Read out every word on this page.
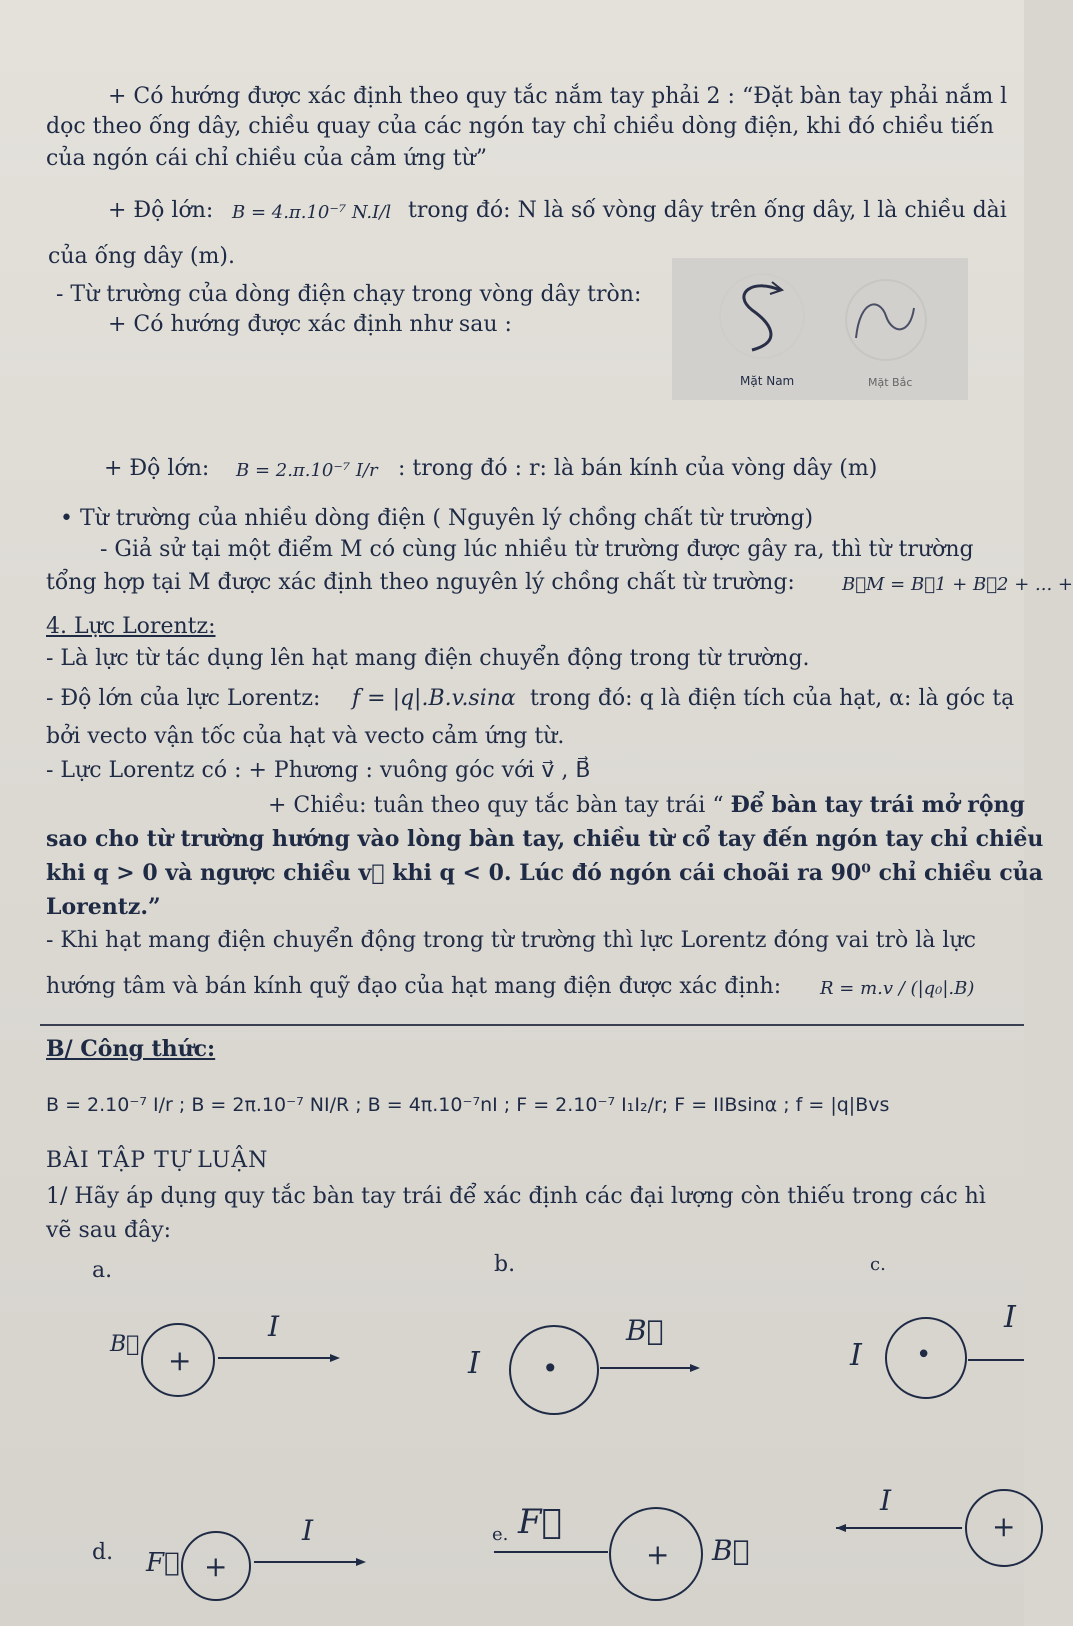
+ Có hướng được xác định theo quy tắc nắm tay phải 2 : “Đặt bàn tay phải nắm l
dọc theo ống dây, chiều quay của các ngón tay chỉ chiều dòng điện, khi đó chiều tiến
của ngón cái chỉ chiều của cảm ứng từ”
+ Độ lớn: B = 4.π.10⁻⁷ N.I/l trong đó: N là số vòng dây trên ống dây, l là chiều dài
của ống dây (m).
- Từ trường của dòng điện chạy trong vòng dây tròn:
+ Có hướng được xác định như sau :
Mặt Nam	Mặt Bắc
+ Độ lớn: B = 2.π.10⁻⁷ I/r : trong đó : r: là bán kính của vòng dây (m)
• Từ trường của nhiều dòng điện ( Nguyên lý chồng chất từ trường)
- Giả sử tại một điểm M có cùng lúc nhiều từ trường được gây ra, thì từ trường
tổng hợp tại M được xác định theo nguyên lý chồng chất từ trường:	B⃗M = B⃗1 + B⃗2 + ... +
4. Lực Lorentz:
- Là lực từ tác dụng lên hạt mang điện chuyển động trong từ trường.
- Độ lớn của lực Lorentz: f = |q|.B.v.sinα trong đó: q là điện tích của hạt, α: là góc tạ
bởi vecto vận tốc của hạt và vecto cảm ứng từ.
- Lực Lorentz có : + Phương : vuông góc với v⃗ , B⃗
+ Chiều: tuân theo quy tắc bàn tay trái “ Để bàn tay trái mở rộng
sao cho từ trường hướng vào lòng bàn tay, chiều từ cổ tay đến ngón tay chỉ chiều
khi q > 0 và ngược chiều v⃗ khi q < 0. Lúc đó ngón cái choãi ra 90⁰ chỉ chiều của
Lorentz.”
- Khi hạt mang điện chuyển động trong từ trường thì lực Lorentz đóng vai trò là lực
hướng tâm và bán kính quỹ đạo của hạt mang điện được xác định: R = m.v / (|q₀|.B)
B/ Công thức:
B = 2.10⁻⁷ I/r ; B = 2π.10⁻⁷ NI/R ; B = 4π.10⁻⁷nI ; F = 2.10⁻⁷ I₁I₂/r; F = IIBsinα ; f = |q|Bvs
BÀI TẬP TỰ LUẬN
1/ Hãy áp dụng quy tắc bàn tay trái để xác định các đại lượng còn thiếu trong các hì
vẽ sau đây:
a.	b.	c.
B⃗ +
I
I •
B⃗
I •
I
d. F⃗ +
I	e. F⃗
+ B⃗
I
+
